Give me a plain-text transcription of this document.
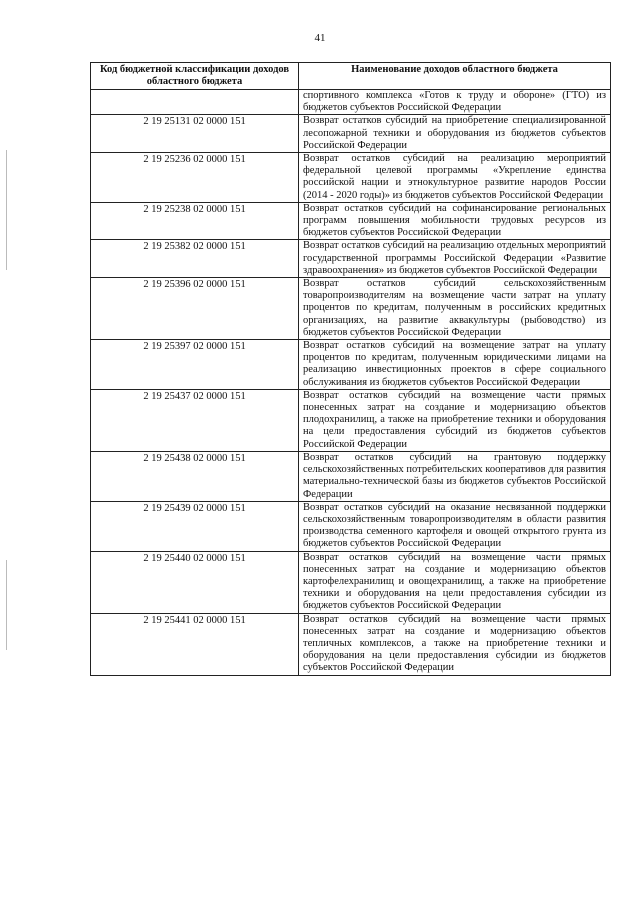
41
Код бюджетной классификации доходов областного бюджета	Наименование доходов областного бюджета
	спортивного комплекса «Готов к труду и обороне» (ГТО) из бюджетов субъектов Российской Федерации
2 19 25131 02 0000 151	Возврат остатков субсидий на приобретение специализированной лесопожарной техники и оборудования из бюджетов субъектов Российской Федерации
2 19 25236 02 0000 151	Возврат остатков субсидий на реализацию мероприятий федеральной целевой программы «Укрепление единства российской нации и этнокультурное развитие народов России (2014 - 2020 годы)» из бюджетов субъектов Российской Федерации
2 19 25238 02 0000 151	Возврат остатков субсидий на софинансирование региональных программ повышения мобильности трудовых ресурсов из бюджетов субъектов Российской Федерации
2 19 25382 02 0000 151	Возврат остатков субсидий на реализацию отдельных мероприятий государственной программы Российской Федерации «Развитие здравоохранения» из бюджетов субъектов Российской Федерации
2 19 25396 02 0000 151	Возврат остатков субсидий сельскохозяйственным товаропроизводителям на возмещение части затрат на уплату процентов по кредитам, полученным в российских кредитных организациях, на развитие аквакультуры (рыбоводство) из бюджетов субъектов Российской Федерации
2 19 25397 02 0000 151	Возврат остатков субсидий на возмещение затрат на уплату процентов по кредитам, полученным юридическими лицами на реализацию инвестиционных проектов в сфере социального обслуживания из бюджетов субъектов Российской Федерации
2 19 25437 02 0000 151	Возврат остатков субсидий на возмещение части прямых понесенных затрат на создание и модернизацию объектов плодохранилищ, а также на приобретение техники и оборудования на цели предоставления субсидий из бюджетов субъектов Российской Федерации
2 19 25438 02 0000 151	Возврат остатков субсидий на грантовую поддержку сельскохозяйственных потребительских кооперативов для развития материально-технической базы из бюджетов субъектов Российской Федерации
2 19 25439 02 0000 151	Возврат остатков субсидий на оказание несвязанной поддержки сельскохозяйственным товаропроизводителям в области развития производства семенного картофеля и овощей открытого грунта из бюджетов субъектов Российской Федерации
2 19 25440 02 0000 151	Возврат остатков субсидий на возмещение части прямых понесенных затрат на создание и модернизацию объектов картофелехранилищ и овощехранилищ, а также на приобретение техники и оборудования на цели предоставления субсидии из бюджетов субъектов Российской Федерации
2 19 25441 02 0000 151	Возврат остатков субсидий на возмещение части прямых понесенных затрат на создание и модернизацию объектов тепличных комплексов, а также на приобретение техники и оборудования на цели предоставления субсидии из бюджетов субъектов Российской Федерации
